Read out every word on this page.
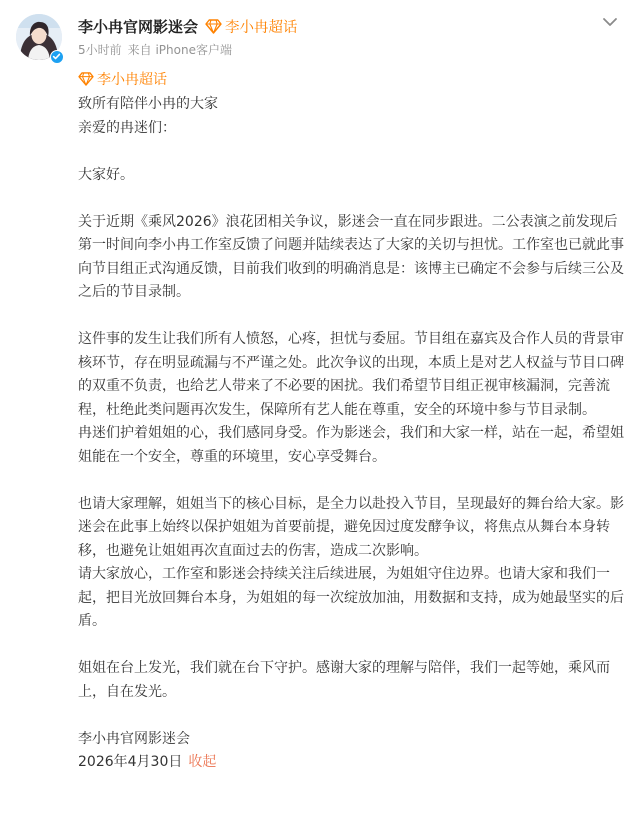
李小冉官网影迷会 李小冉超话
5小时前 来自 iPhone客户端
李小冉超话

致所有陪伴小冉的大家
亲爱的冉迷们：

大家好。

关于近期《乘风2026》浪花团相关争议，影迷会一直在同步跟进。二公表演之前发现后第一时间向李小冉工作室反馈了问题并陆续表达了大家的关切与担忧。工作室也已就此事向节目组正式沟通反馈，目前我们收到的明确消息是：该博主已确定不会参与后续三公及之后的节目录制。

这件事的发生让我们所有人愤怒，心疼，担忧与委屈。节目组在嘉宾及合作人员的背景审核环节，存在明显疏漏与不严谨之处。此次争议的出现，本质上是对艺人权益与节目口碑的双重不负责，也给艺人带来了不必要的困扰。我们希望节目组正视审核漏洞，完善流程，杜绝此类问题再次发生，保障所有艺人能在尊重，安全的环境中参与节目录制。
冉迷们护着姐姐的心，我们感同身受。作为影迷会，我们和大家一样，站在一起，希望姐姐能在一个安全，尊重的环境里，安心享受舞台。

也请大家理解，姐姐当下的核心目标，是全力以赴投入节目，呈现最好的舞台给大家。影迷会在此事上始终以保护姐姐为首要前提，避免因过度发酵争议，将焦点从舞台本身转移，也避免让姐姐再次直面过去的伤害，造成二次影响。
请大家放心，工作室和影迷会持续关注后续进展，为姐姐守住边界。也请大家和我们一起，把目光放回舞台本身，为姐姐的每一次绽放加油，用数据和支持，成为她最坚实的后盾。

姐姐在台上发光，我们就在台下守护。感谢大家的理解与陪伴，我们一起等她，乘风而上，自在发光。

李小冉官网影迷会

2026年4月30日 收起
